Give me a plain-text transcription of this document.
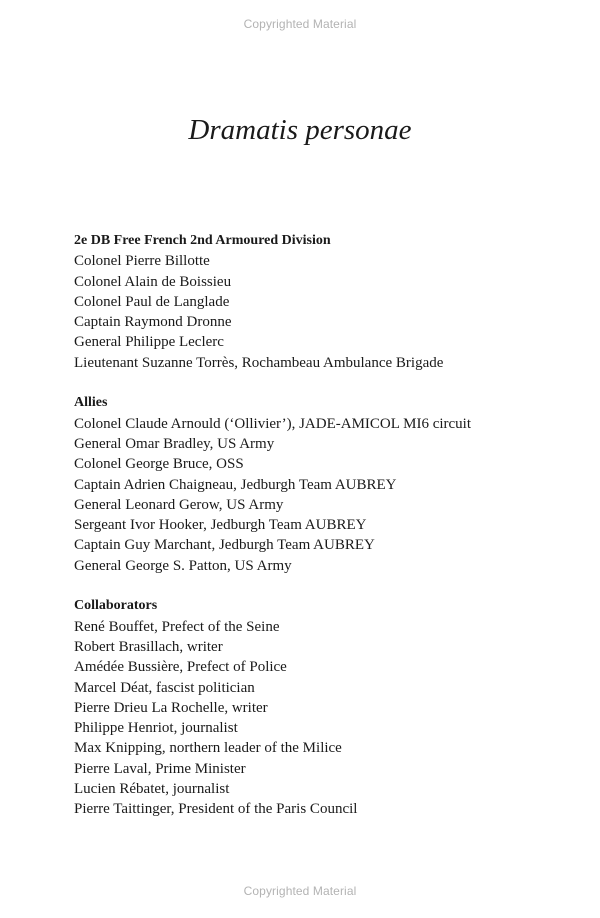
Copyrighted Material
Dramatis personae
2e DB Free French 2nd Armoured Division
Colonel Pierre Billotte
Colonel Alain de Boissieu
Colonel Paul de Langlade
Captain Raymond Dronne
General Philippe Leclerc
Lieutenant Suzanne Torrès, Rochambeau Ambulance Brigade
Allies
Colonel Claude Arnould (‘Ollivier’), JADE-AMICOL MI6 circuit
General Omar Bradley, US Army
Colonel George Bruce, OSS
Captain Adrien Chaigneau, Jedburgh Team AUBREY
General Leonard Gerow, US Army
Sergeant Ivor Hooker, Jedburgh Team AUBREY
Captain Guy Marchant, Jedburgh Team AUBREY
General George S. Patton, US Army
Collaborators
René Bouffet, Prefect of the Seine
Robert Brasillach, writer
Amédée Bussière, Prefect of Police
Marcel Déat, fascist politician
Pierre Drieu La Rochelle, writer
Philippe Henriot, journalist
Max Knipping, northern leader of the Milice
Pierre Laval, Prime Minister
Lucien Rébatet, journalist
Pierre Taittinger, President of the Paris Council
Copyrighted Material
